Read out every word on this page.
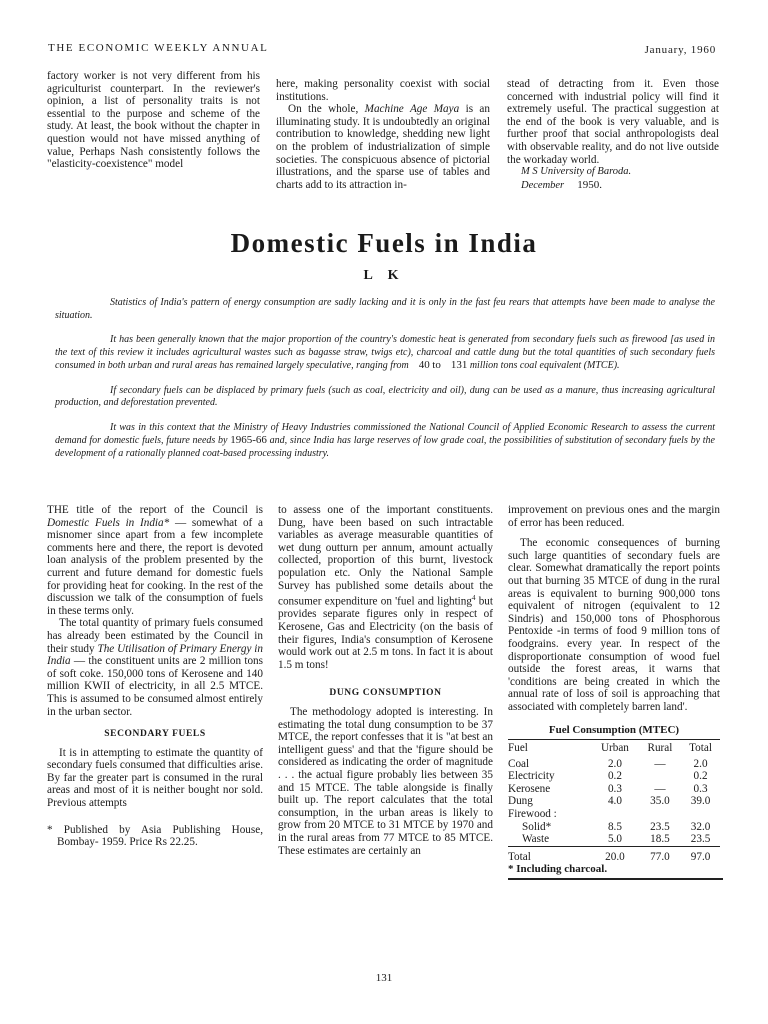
THE ECONOMIC WEEKLY ANNUAL	January, 1960

factory worker is not very different from his agriculturist counterpart. In the reviewer's opinion, a list of personality traits is not essential to the purpose and scheme of the study. At least, the book without the chapter in question would not have missed anything of value, Perhaps Nash consistently follows the "elasticity-coexistence" model

here, making personality coexist with social institutions.

On the whole, Machine Age Maya is an illuminating study. It is undoubtedly an original contribution to knowledge, shedding new light on the problem of industrialization of simple societies. The conspicuous absence of pictorial illustrations, and the sparse use of tables and charts add to its attraction in-

stead of detracting from it. Even those concerned with industrial policy will find it extremely useful. The practical suggestion at the end of the book is very valuable, and is further proof that social anthropologists deal with observable reality, and do not live outside the workaday world.

M S University of Baroda.
December 1950.
Domestic Fuels in India
L K

Statistics of India's pattern of energy consumption are sadly lacking and it is only in the fast feu rears that attempts have been made to analyse the situation.

It has been generally known that the major proportion of the country's domestic heat is generated from secondary fuels such as firewood [as used in the text of this review it includes agricultural wastes such as bagasse straw, twigs etc), charcoal and cattle dung but the total quantities of such secondary fuels consumed in both urban and rural areas has remained largely speculative, ranging from 40 to 131 million tons coal equivalent (MTCE).

If secondary fuels can be displaced by primary fuels (such as coal, electricity and oil), dung can be used as a manure, thus increasing agricultural production, and deforestation prevented.

It was in this context that the Ministry of Heavy Industries commissioned the National Council of Applied Economic Research to assess the current demand for domestic fuels, future needs by 1965-66 and, since India has large reserves of low grade coal, the possibilities of substitution of secondary fuels by the development of a rationally planned coat-based processing industry.

THE title of the report of the Council is Domestic Fuels in India* — somewhat of a misnomer since apart from a few incomplete comments here and there, the report is devoted loan analysis of the problem presented by the current and future demand for domestic fuels for providing heat for cooking. In the rest of the discussion we talk of the consumption of fuels in these terms only.

The total quantity of primary fuels consumed has already been estimated by the Council in their study The Utilisation of Primary Energy in India — the constituent units are 2 million tons of soft coke. 150,000 tons of Kerosene and 140 million KWII of electricity, in all 2.5 MTCE. This is assumed to be consumed almost entirely in the urban sector.

SECONDARY FUELS

It is in attempting to estimate the quantity of secondary fuels consumed that difficulties arise. By far the greater part is consumed in the rural areas and most of it is neither bought nor sold. Previous attempts

* Published by Asia Publishing House, Bombay- 1959. Price Rs 22.25.

to assess one of the important constituents. Dung, have been based on such intractable variables as average measurable quantities of wet dung outturn per annum, amount actually collected, proportion of this burnt, livestock population etc. Only the National Sample Survey has published some details about the consumer expenditure on 'fuel and lighting$^4$ but provides separate figures only in respect of Kerosene, Gas and Electricity (on the basis of their figures, India's consumption of Kerosene would work out at 2.5 m tons. In fact it is about 1.5 m tons!

DUNG CONSUMPTION

The methodology adopted is interesting. In estimating the total dung consumption to be 37 MTCE, the report confesses that it is "at best an intelligent guess' and that the 'figure should be considered as indicating the order of magnitude . . . the actual figure probably lies between 35 and 15 MTCE. The table alongside is finally built up. The report calculates that the total consumption, in the urban areas is likely to grow from 20 MTCE to 31 MTCE by 1970 and in the rural areas from 77 MTCE to 85 MTCE. These estimates are certainly an

improvement on previous ones and the margin of error has been reduced.

The economic consequences of burning such large quantities of secondary fuels are clear. Somewhat dramatically the report points out that burning 35 MTCE of dung in the rural areas is equivalent to burning 900,000 tons equivalent of nitrogen (equivalent to 12 Sindris) and 150,000 tons of Phosphorous Pentoxide -in terms of food 9 million tons of foodgrains. every year. In respect of the disproportionate consumption of wood fuel outside the forest areas, it warns that 'conditions are being created in which the annual rate of loss of soil is approaching that associated with completely barren land'.

Fuel Consumption (MTEC)
Fuel	Urban	Rural	Total
Coal	2.0	—	2.0
Electricity	0.2		0.2
Kerosene	0.3	—	0.3
Dung	4.0	35.0	39.0
Firewood :			
Solid*	8.5	23.5	32.0
Waste	5.0	18.5	23.5
Total	20.0	77.0	97.0
* Including charcoal.
131
